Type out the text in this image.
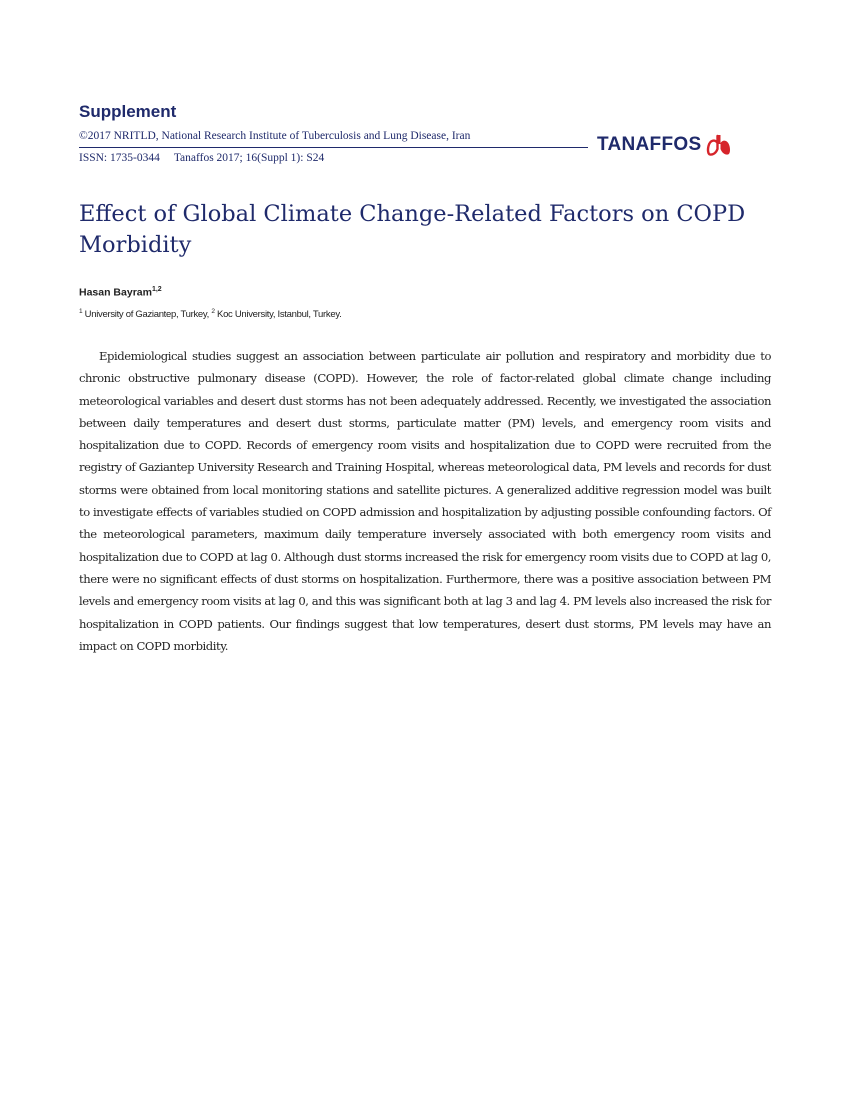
Supplement
©2017 NRITLD, National Research Institute of Tuberculosis and Lung Disease, Iran
ISSN: 1735-0344 Tanaffos 2017; 16(Suppl 1): S24
TANAFFOS
Effect of Global Climate Change-Related Factors on COPD Morbidity
Hasan Bayram$^{1,2}$
$^1$ University of Gaziantep, Turkey, $^2$ Koc University, Istanbul, Turkey.

Epidemiological studies suggest an association between particulate air pollution and respiratory and morbidity due to chronic obstructive pulmonary disease (COPD). However, the role of factor-related global climate change including meteorological variables and desert dust storms has not been adequately addressed. Recently, we investigated the association between daily temperatures and desert dust storms, particulate matter (PM) levels, and emergency room visits and hospitalization due to COPD. Records of emergency room visits and hospitalization due to COPD were recruited from the registry of Gaziantep University Research and Training Hospital, whereas meteorological data, PM levels and records for dust storms were obtained from local monitoring stations and satellite pictures. A generalized additive regression model was built to investigate effects of variables studied on COPD admission and hospitalization by adjusting possible confounding factors. Of the meteorological parameters, maximum daily temperature inversely associated with both emergency room visits and hospitalization due to COPD at lag 0. Although dust storms increased the risk for emergency room visits due to COPD at lag 0, there were no significant effects of dust storms on hospitalization. Furthermore, there was a positive association between PM levels and emergency room visits at lag 0, and this was significant both at lag 3 and lag 4. PM levels also increased the risk for hospitalization in COPD patients. Our findings suggest that low temperatures, desert dust storms, PM levels may have an impact on COPD morbidity.
